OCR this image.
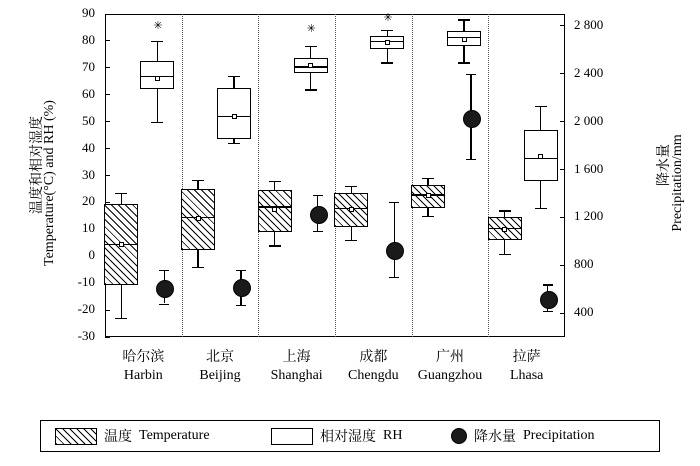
温度和相对湿度
Temperature(°C) and RH (%)	降水量
Precipitation/mm
90
80
70
60
50
40
30
20
10
0
-10
-20
-30
2 800
2 400
2 000
1 600
1 200
800
400
✳	✳
✳
哈尔滨
Harbin
北京
Beijing
上海
Shanghai
成都
Chengdu
广州
Guangzhou
拉萨
Lhasa
温度 Temperature	相对湿度 RH	降水量 Precipitation
